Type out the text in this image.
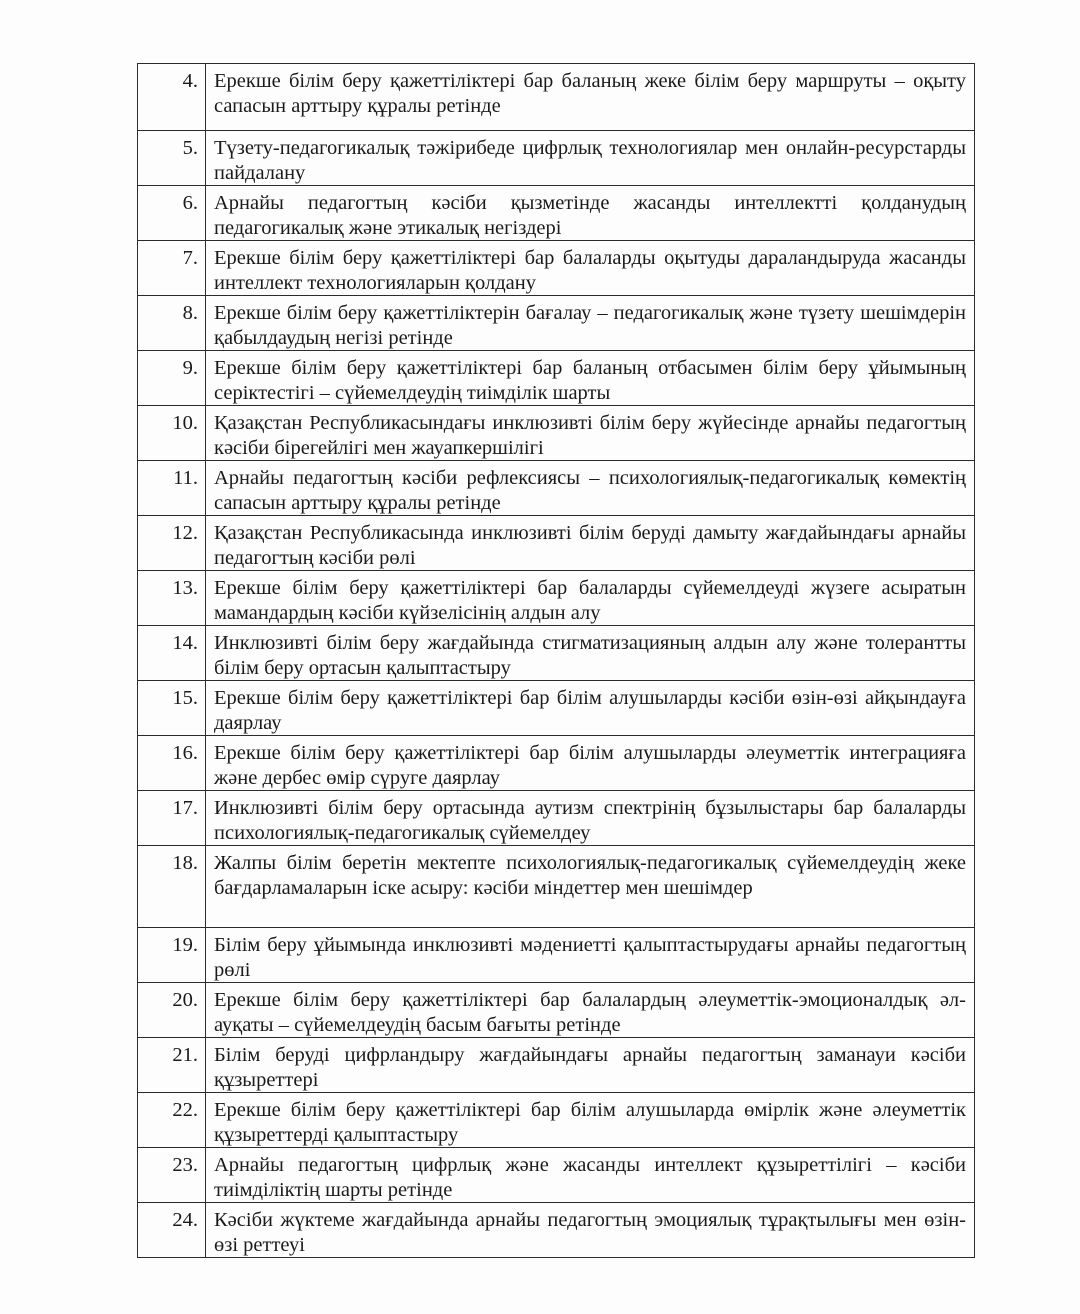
4.	Ерекше білім беру қажеттіліктері бар баланың жеке білім беру маршруты – оқыту сапасын арттыру құралы ретінде
5.	Түзету-педагогикалық тәжірибеде цифрлық технологиялар мен онлайн-ресурстарды пайдалану
6.	Арнайы педагогтың кәсіби қызметінде жасанды интеллектті қолданудың педагогикалық және этикалық негіздері
7.	Ерекше білім беру қажеттіліктері бар балаларды оқытуды дараландыруда жасанды интеллект технологияларын қолдану
8.	Ерекше білім беру қажеттіліктерін бағалау – педагогикалық және түзету шешімдерін қабылдаудың негізі ретінде
9.	Ерекше білім беру қажеттіліктері бар баланың отбасымен білім беру ұйымының серіктестігі – сүйемелдеудің тиімділік шарты
10.	Қазақстан Республикасындағы инклюзивті білім беру жүйесінде арнайы педагогтың кәсіби бірегейлігі мен жауапкершілігі
11.	Арнайы педагогтың кәсіби рефлексиясы – психологиялық-педагогикалық көмектің сапасын арттыру құралы ретінде
12.	Қазақстан Республикасында инклюзивті білім беруді дамыту жағдайындағы арнайы педагогтың кәсіби рөлі
13.	Ерекше білім беру қажеттіліктері бар балаларды сүйемелдеуді жүзеге асыратын мамандардың кәсіби күйзелісінің алдын алу
14.	Инклюзивті білім беру жағдайында стигматизацияның алдын алу және толерантты білім беру ортасын қалыптастыру
15.	Ерекше білім беру қажеттіліктері бар білім алушыларды кәсіби өзін-өзі айқындауға даярлау
16.	Ерекше білім беру қажеттіліктері бар білім алушыларды әлеуметтік интеграцияға және дербес өмір сүруге даярлау
17.	Инклюзивті білім беру ортасында аутизм спектрінің бұзылыстары бар балаларды психологиялық-педагогикалық сүйемелдеу
18.	Жалпы білім беретін мектепте психологиялық-педагогикалық сүйемелдеудің жеке бағдарламаларын іске асыру: кәсіби міндеттер мен шешімдер
19.	Білім беру ұйымында инклюзивті мәдениетті қалыптастырудағы арнайы педагогтың рөлі
20.	Ерекше білім беру қажеттіліктері бар балалардың әлеуметтік-эмоционалдық әл-ауқаты – сүйемелдеудің басым бағыты ретінде
21.	Білім беруді цифрландыру жағдайындағы арнайы педагогтың заманауи кәсіби құзыреттері
22.	Ерекше білім беру қажеттіліктері бар білім алушыларда өмірлік және әлеуметтік құзыреттерді қалыптастыру
23.	Арнайы педагогтың цифрлық және жасанды интеллект құзыреттілігі – кәсіби тиімділіктің шарты ретінде
24.	Кәсіби жүктеме жағдайында арнайы педагогтың эмоциялық тұрақтылығы мен өзін-өзі реттеуі
